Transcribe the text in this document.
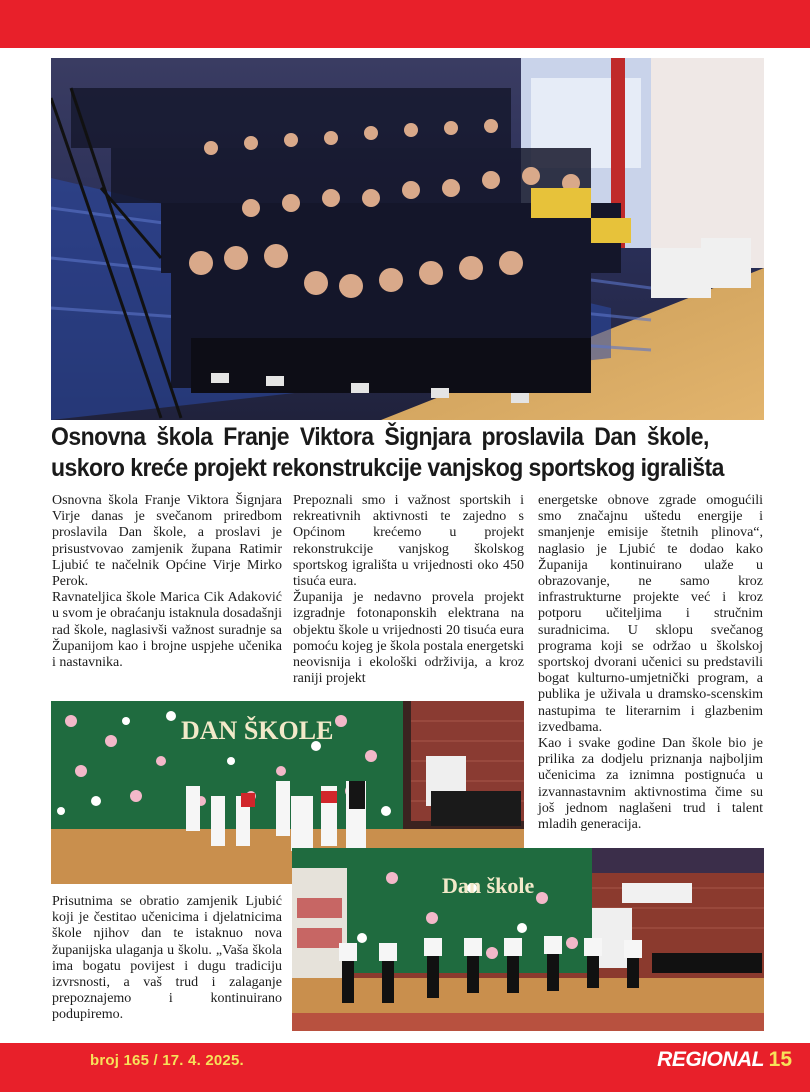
Osnovna škola Franje Viktora Šignjara proslavila Dan škole,
uskoro kreće projekt rekonstrukcije vanjskog sportskog igrališta

Osnovna škola Franje Viktora Šignjara Virje danas je svečanom priredbom proslavila Dan škole, a proslavi je prisustvovao zamjenik župana Ratimir Ljubić te načelnik Općine Virje Mirko Perok.

Ravnateljica škole Marica Cik Adaković u svom je obraćanju istaknula dosadašnji rad škole, naglasivši važnost suradnje sa Županijom kao i brojne uspjehe učenika i nastavnika.

Prepoznali smo i važnost sportskih i rekreativnih aktivnosti te zajedno s Općinom krećemo u projekt rekonstrukcije vanjskog školskog sportskog igrališta u vrijednosti oko 450 tisuća eura.

Županija je nedavno provela projekt izgradnje fotonaponskih elektrana na objektu škole u vrijednosti 20 tisuća eura pomoću kojeg je škola postala energetski neovisnija i ekološki održiviја, a kroz raniji projekt

energetske obnove zgrade omogućili smo značajnu uštedu energije i smanjenje emisije štetnih plinova“, naglasio je Ljubić te dodao kako Županija kontinuirano ulaže u obrazovanje, ne samo kroz infrastrukturne projekte već i kroz potporu učiteljima i stručnim suradnicima. U sklopu svečanog programa koji se održao u školskoj sportskoj dvorani učenici su predstavili bogat kulturno-umjetnički program, a publika je uživala u dramsko-scenskim nastupima te literarnim i glazbenim izvedbama.

Kao i svake godine Dan škole bio je prilika za dodjelu priznanja najboljim učenicima za iznimna postignuća u izvannastavnim aktivnostima čime su još jednom naglašeni trud i talent mladih generacija.

DAN ŠKOLE

Prisutnima se obratio zamjenik Ljubić koji je čestitao učenicima i djelatnicima škole njihov dan te istaknuo nova županijska ulaganja u školu. „Vaša škola ima bogatu povijest i dugu tradiciju izvrsnosti, a vaš trud i zalaganje prepoznajemo i kontinuirano podupiremo.

Dan škole
broj 165 / 17. 4. 2025.	REGIONAL 15
